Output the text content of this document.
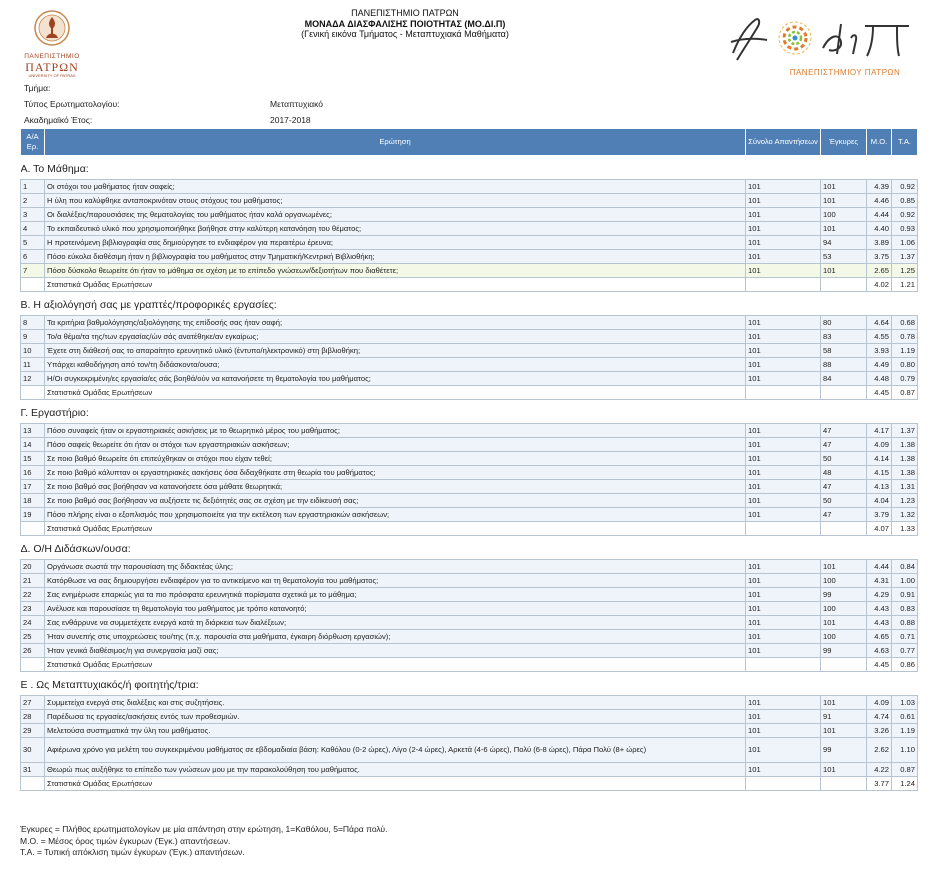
ΠΑΝΕΠΙΣΤΗΜΙΟ
ΠΑΤΡΩΝ
UNIVERSITY OF PATRAS
ΠΑΝΕΠΙΣΤΗΜΙΟ ΠΑΤΡΩΝ
ΜΟΝΑΔΑ ΔΙΑΣΦΑΛΙΣΗΣ ΠΟΙΟΤΗΤΑΣ (ΜΟ.ΔΙ.Π)
(Γενική εικόνα Τμήματος - Μεταπτυχιακά Μαθήματα)
ΠΑΝΕΠΙΣΤΗΜΙΟΥ ΠΑΤΡΩΝ
Τμήμα:
Τύπος Ερωτηματολογίου:	Μεταπτυχιακό
Ακαδημαϊκό Έτος:	2017-2018
Α/Α Ερ.	Ερώτηση	Σύνολο Απαντήσεων	Έγκυρες	Μ.Ο.	Τ.Α.
Α. Το Μάθημα:					
1	Οι στόχοι του μαθήματος ήταν σαφείς;	101	101	4.39	0.92
2	Η ύλη που καλύφθηκε ανταποκρινόταν στους στόχους του μαθήματος;	101	101	4.46	0.85
3	Οι διαλέξεις/παρουσιάσεις της θεματολογίας του μαθήματος ήταν καλά οργανωμένες;	101	100	4.44	0.92
4	Το εκπαιδευτικό υλικό που χρησιμοποιήθηκε βοήθησε στην καλύτερη κατανόηση του θέματος;	101	101	4.40	0.93
5	Η προτεινόμενη βιβλιογραφία σας δημιούργησε το ενδιαφέρον για περαιτέρω έρευνα;	101	94	3.89	1.06
6	Πόσο εύκολα διαθέσιμη ήταν η βιβλιογραφία του μαθήματος στην Τμηματική/Κεντρική Βιβλιοθήκη;	101	53	3.75	1.37
7	Πόσο δύσκολο θεωρείτε ότι ήταν το μάθημα σε σχέση με το επίπεδο γνώσεων/δεξιοτήτων που διαθέτετε;	101	101	2.65	1.25
	Στατιστικά Ομάδας Ερωτήσεων			4.02	1.21
Β. Η αξιολόγησή σας με γραπτές/προφορικές εργασίες:					
8	Τα κριτήρια βαθμολόγησης/αξιολόγησης της επίδοσής σας ήταν σαφή;	101	80	4.64	0.68
9	Το/α θέμα/τα της/των εργασίας/ών σάς ανατέθηκε/αν εγκαίρως;	101	83	4.55	0.78
10	Έχετε στη διάθεσή σας το απαραίτητο ερευνητικό υλικό (έντυπο/ηλεκτρονικό) στη βιβλιοθήκη;	101	58	3.93	1.19
11	Υπάρχει καθοδήγηση από τον/τη διδάσκοντα/ουσα;	101	88	4.49	0.80
12	Η/Οι συγκεκριμένη/ες εργασία/ες σάς βοηθά/ούν να κατανοήσετε τη θεματολογία του μαθήματος;	101	84	4.48	0.79
	Στατιστικά Ομάδας Ερωτήσεων			4.45	0.87
Γ. Εργαστήριο:					
13	Πόσο συναφείς ήταν οι εργαστηριακές ασκήσεις με το θεωρητικό μέρος του μαθήματος;	101	47	4.17	1.37
14	Πόσο σαφείς θεωρείτε ότι ήταν οι στόχοι των εργαστηριακών ασκήσεων;	101	47	4.09	1.38
15	Σε ποιο βαθμό θεωρείτε ότι επιτεύχθηκαν οι στόχοι που είχαν τεθεί;	101	50	4.14	1.38
16	Σε ποιο βαθμό κάλυπταν οι εργαστηριακές ασκήσεις όσα διδαχθήκατε στη θεωρία του μαθήματος;	101	48	4.15	1.38
17	Σε ποιο βαθμό σας βοήθησαν να κατανοήσετε όσα μάθατε θεωρητικά;	101	47	4.13	1.31
18	Σε ποιο βαθμό σας βοήθησαν να αυξήσετε τις δεξιότητές σας σε σχέση με την ειδίκευσή σας;	101	50	4.04	1.23
19	Πόσο πλήρης είναι ο εξοπλισμός που χρησιμοποιείτε για την εκτέλεση των εργαστηριακών ασκήσεων;	101	47	3.79	1.32
	Στατιστικά Ομάδας Ερωτήσεων			4.07	1.33
Δ. Ο/Η Διδάσκων/ουσα:					
20	Οργάνωσε σωστά την παρουσίαση της διδακτέας ύλης;	101	101	4.44	0.84
21	Κατόρθωσε να σας δημιουργήσει ενδιαφέρον για το αντικείμενο και τη θεματολογία του μαθήματος;	101	100	4.31	1.00
22	Σας ενημέρωσε επαρκώς για τα πιο πρόσφατα ερευνητικά πορίσματα σχετικά με το μάθημα;	101	99	4.29	0.91
23	Ανέλυσε και παρουσίασε τη θεματολογία του μαθήματος με τρόπο κατανοητό;	101	100	4.43	0.83
24	Σας ενθάρρυνε να συμμετέχετε ενεργά κατά τη διάρκεια των διαλέξεων;	101	101	4.43	0.88
25	Ήταν συνεπής στις υποχρεώσεις του/της (π.χ. παρουσία στα μαθήματα, έγκαιρη διόρθωση εργασιών);	101	100	4.65	0.71
26	Ήταν γενικά διαθέσιμος/η για συνεργασία μαζί σας;	101	99	4.63	0.77
	Στατιστικά Ομάδας Ερωτήσεων			4.45	0.86
Ε . Ως Μεταπτυχιακός/ή φοιτητής/τρια:					
27	Συμμετείχα ενεργά στις διαλέξεις και στις συζητήσεις.	101	101	4.09	1.03
28	Παρέδωσα τις εργασίες/ασκήσεις εντός των προθεσμιών.	101	91	4.74	0.61
29	Μελετούσα συστηματικά την ύλη του μαθήματος.	101	101	3.26	1.19
30	Αφιέρωνα χρόνο για μελέτη του συγκεκριμένου μαθήματος σε εβδομαδιαία βάση: Καθόλου (0-2 ώρες), Λίγο (2-4 ώρες), Αρκετά (4-6 ώρες), Πολύ (6-8 ώρες), Πάρα Πολύ (8+ ώρες)	101	99	2.62	1.10
31	Θεωρώ πως αυξήθηκε το επίπεδο των γνώσεων μου με την παρακολούθηση του μαθήματος.	101	101	4.22	0.87
	Στατιστικά Ομάδας Ερωτήσεων			3.77	1.24
Έγκυρες = Πλήθος ερωτηματολογίων με μία απάντηση στην ερώτηση, 1=Καθόλου, 5=Πάρα πολύ.
Μ.Ο. = Μέσος όρος τιμών έγκυρων (Έγκ.) απαντήσεων.
Τ.Α. = Τυπική απόκλιση τιμών έγκυρων (Έγκ.) απαντήσεων.
